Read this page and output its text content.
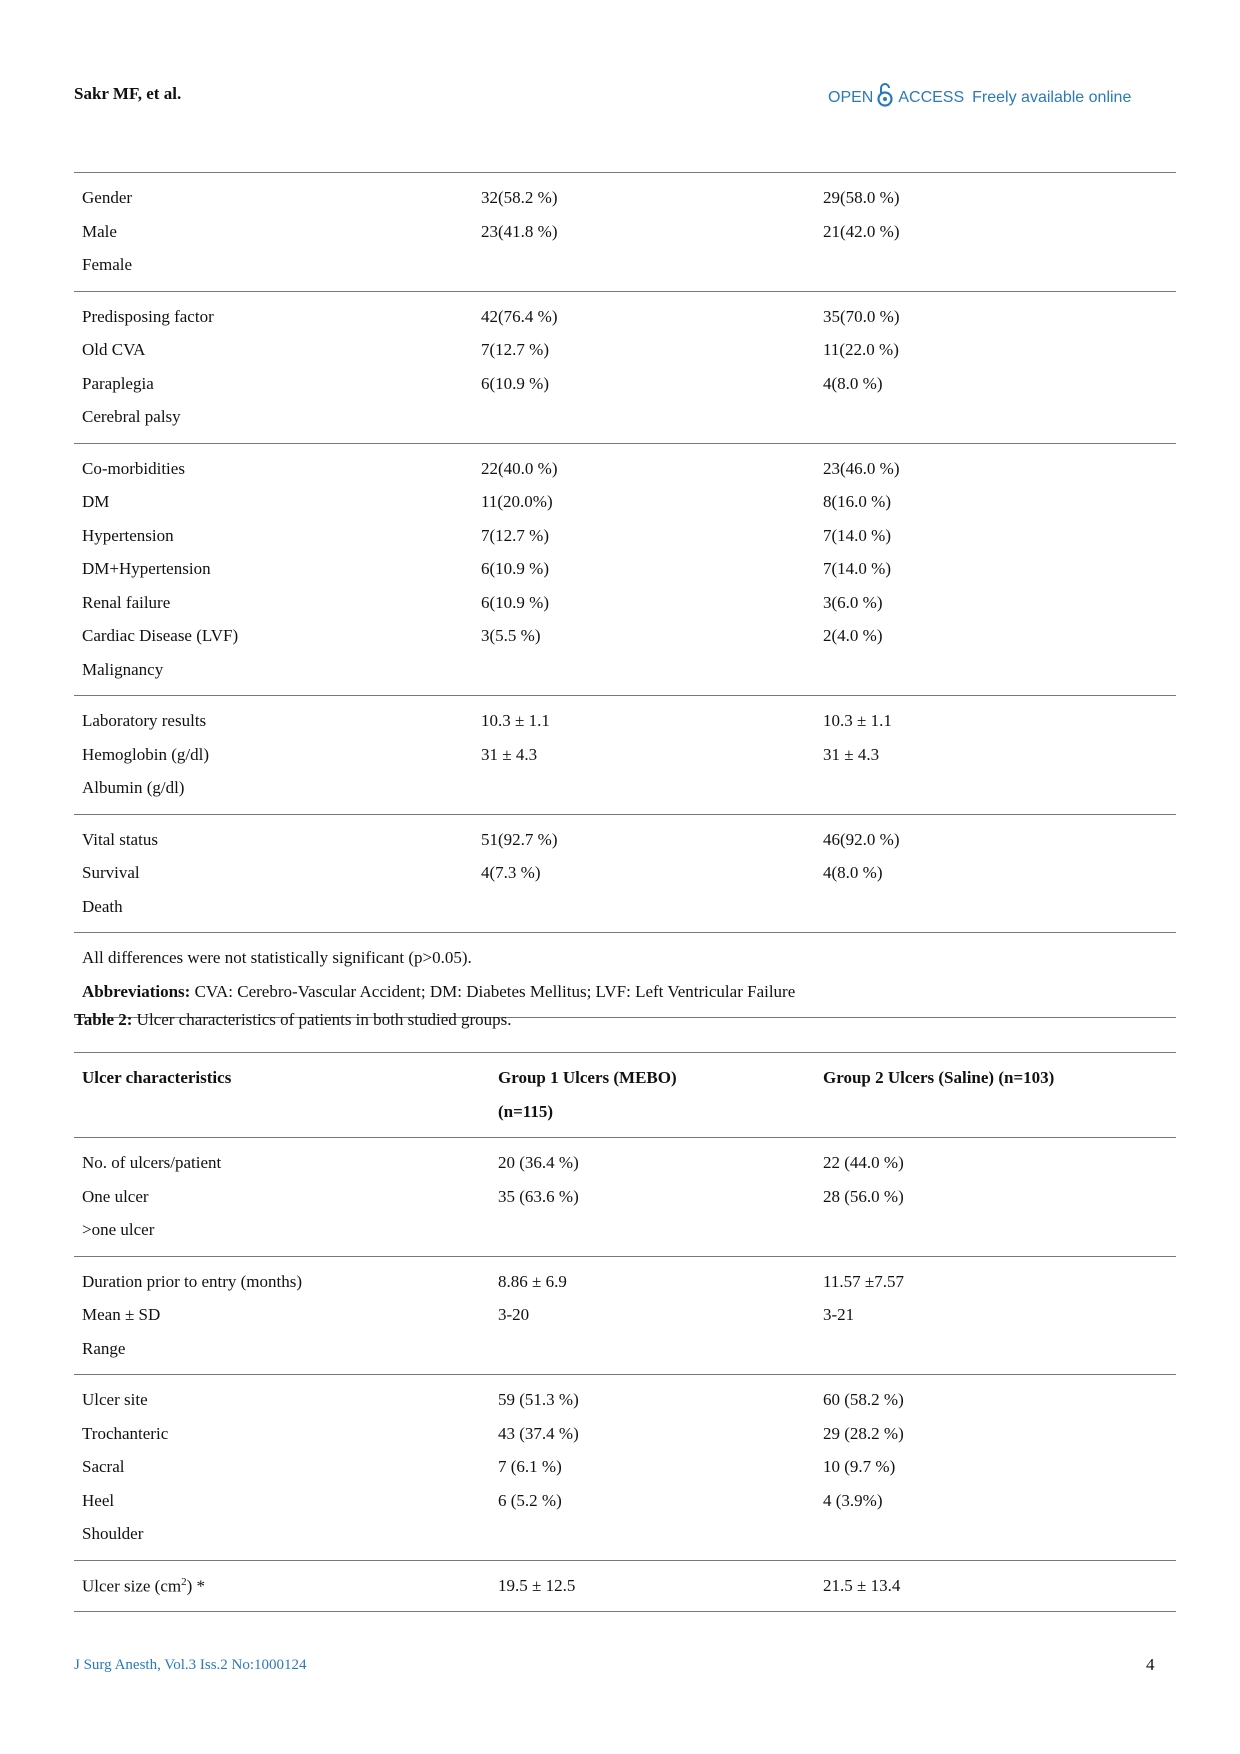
Sakr MF, et al.	OPEN ACCESS Freely available online
Gender	32(58.2 %)	29(58.0 %)
Male	23(41.8 %)	21(42.0 %)
Female
Predisposing factor	42(76.4 %)	35(70.0 %)
Old CVA	7(12.7 %)	11(22.0 %)
Paraplegia	6(10.9 %)	4(8.0 %)
Cerebral palsy
Co-morbidities	22(40.0 %)	23(46.0 %)
DM	11(20.0%)	8(16.0 %)
Hypertension	7(12.7 %)	7(14.0 %)
DM+Hypertension	6(10.9 %)	7(14.0 %)
Renal failure	6(10.9 %)	3(6.0 %)
Cardiac Disease (LVF)	3(5.5 %)	2(4.0 %)
Malignancy
Laboratory results	10.3 ± 1.1	10.3 ± 1.1
Hemoglobin (g/dl)	31 ± 4.3	31 ± 4.3
Albumin (g/dl)
Vital status	51(92.7 %)	46(92.0 %)
Survival	4(7.3 %)	4(8.0 %)
Death
All differences were not statistically significant (p>0.05).
Abbreviations: CVA: Cerebro-Vascular Accident; DM: Diabetes Mellitus; LVF: Left Ventricular Failure
Table 2: Ulcer characteristics of patients in both studied groups.
Ulcer characteristics	Group 1 Ulcers (MEBO)	Group 2 Ulcers (Saline) (n=103)
(n=115)
No. of ulcers/patient	20 (36.4 %)	22 (44.0 %)
One ulcer	35 (63.6 %)	28 (56.0 %)
>one ulcer
Duration prior to entry (months)	8.86 ± 6.9	11.57 ±7.57
Mean ± SD	3-20	3-21
Range
Ulcer site	59 (51.3 %)	60 (58.2 %)
Trochanteric	43 (37.4 %)	29 (28.2 %)
Sacral	7 (6.1 %)	10 (9.7 %)
Heel	6 (5.2 %)	4 (3.9%)
Shoulder
Ulcer size $(cm^2)$ *	19.5 ± 12.5	21.5 ± 13.4
J Surg Anesth, Vol.3 Iss.2 No:1000124	4
